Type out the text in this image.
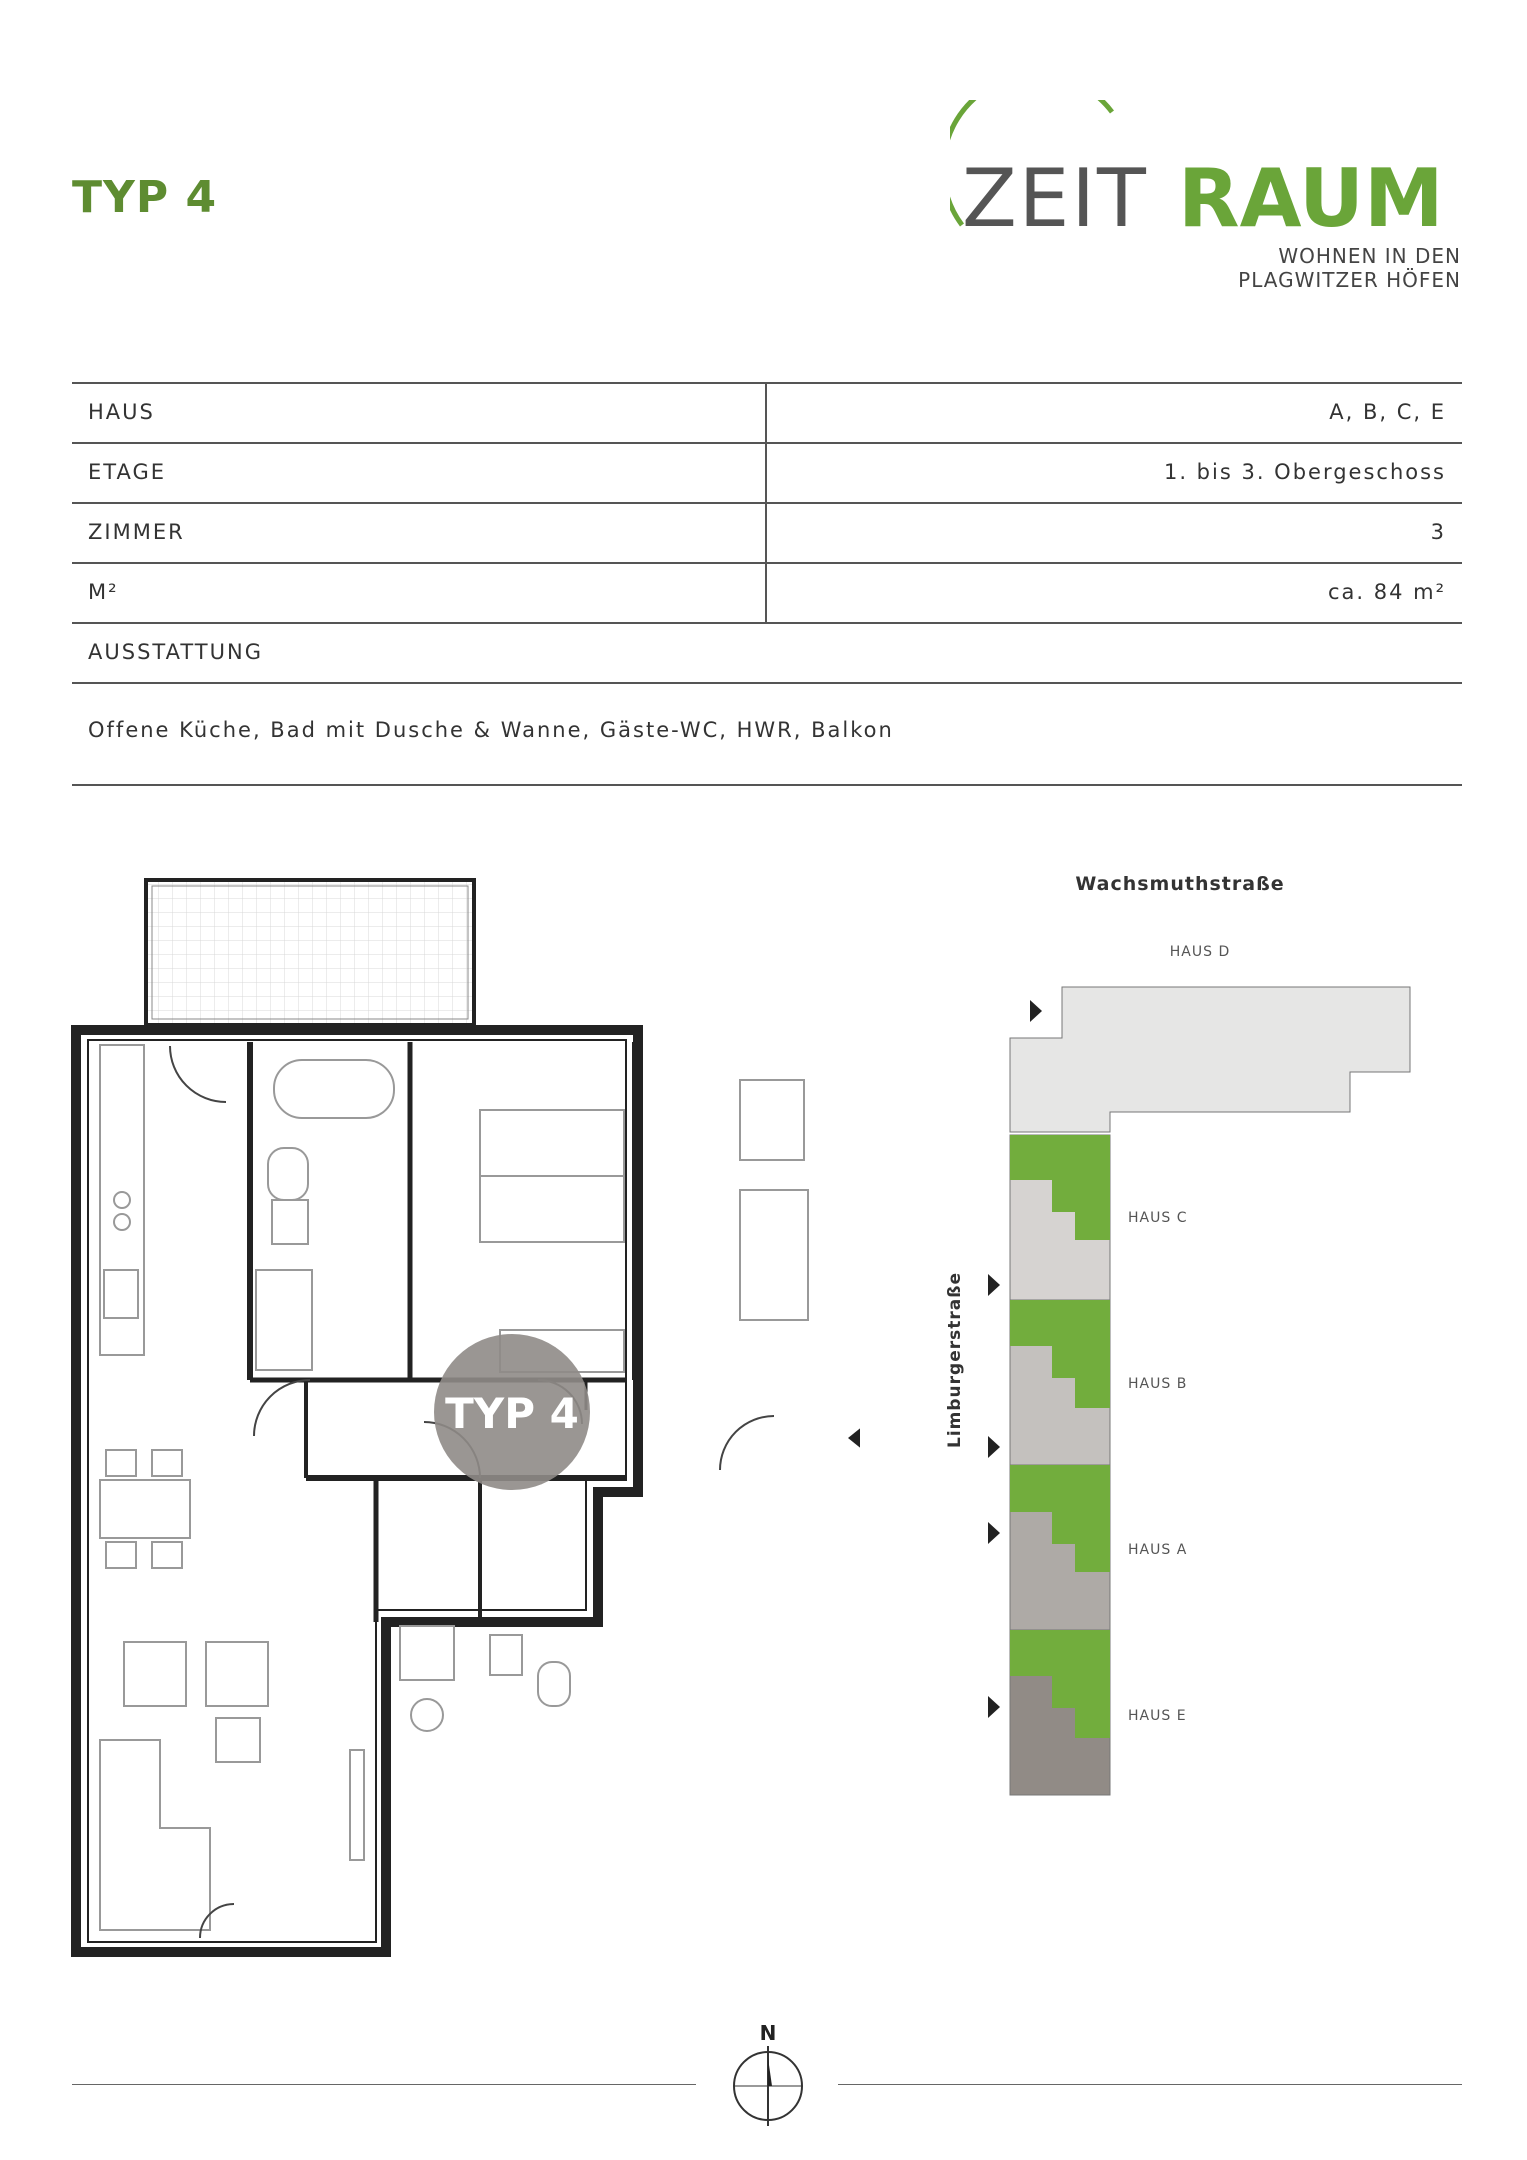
TYP 4	ZEIT RAUM
WOHNEN IN DEN
PLAGWITZER HÖFEN
HAUS	A, B, C, E
ETAGE	1. bis 3. Obergeschoss
ZIMMER	3
M²	ca. 84 m²
AUSSTATTUNG
Offene Küche, Bad mit Dusche & Wanne, Gäste-WC, HWR, Balkon
TYP 4
Wachsmuthstraße
Limburgerstraße
HAUS D
HAUS C
HAUS B
HAUS A
HAUS E
N
